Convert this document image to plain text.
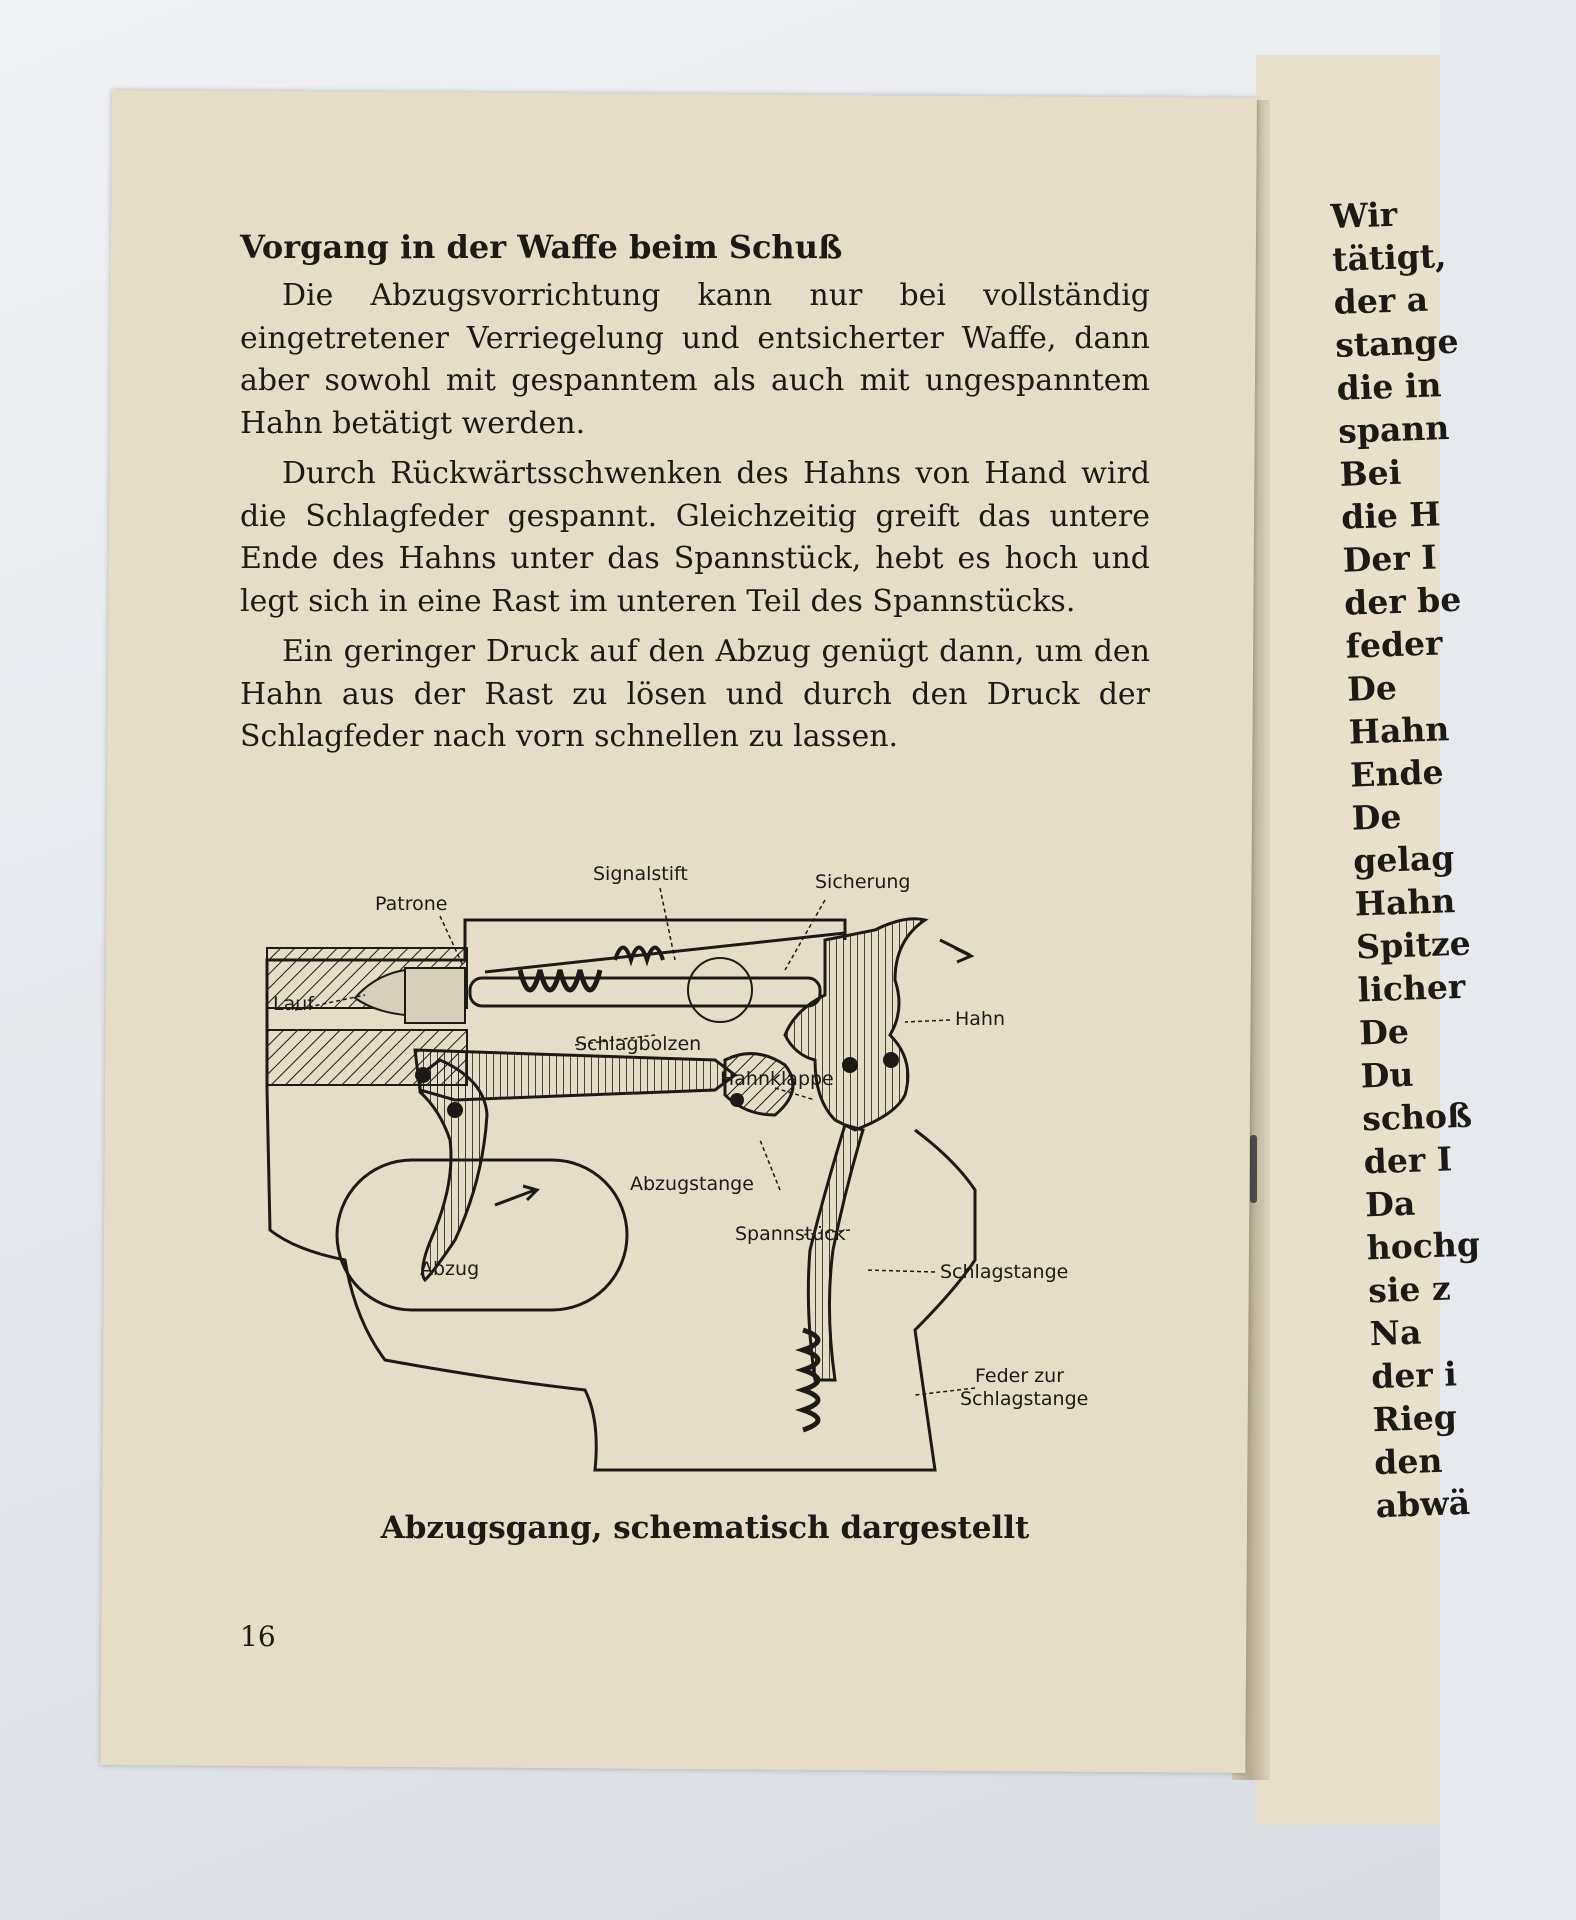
Wir
tätigt,
der a
stange
die in
spann
Bei
die H
Der I
der be
feder
De
Hahn
Ende
De
gelag
Hahn
Spitze
licher
De
Du
schoß
der I
Da
hochg
sie z
Na
der i
Rieg
den
abwä
Vorgang in der Waffe beim Schuß

Die Abzugsvorrichtung kann nur bei vollständig eingetretener Verriegelung und entsicherter Waffe, dann aber sowohl mit gespanntem als auch mit ungespanntem Hahn betätigt werden.

Durch Rückwärtsschwenken des Hahns von Hand wird die Schlagfeder gespannt. Gleichzeitig greift das untere Ende des Hahns unter das Spannstück, hebt es hoch und legt sich in eine Rast im unteren Teil des Spannstücks.

Ein geringer Druck auf den Abzug genügt dann, um den Hahn aus der Rast zu lösen und durch den Druck der Schlagfeder nach vorn schnellen zu lassen.

Signalstift	Sicherung
Patrone
Lauf
Hahn
Schlagbolzen
Hahnklappe
Abzugstange
Spannstück
Abzug	Schlagstange
Feder zur
Schlagstange
Abzugsgang, schematisch dargestellt
16
